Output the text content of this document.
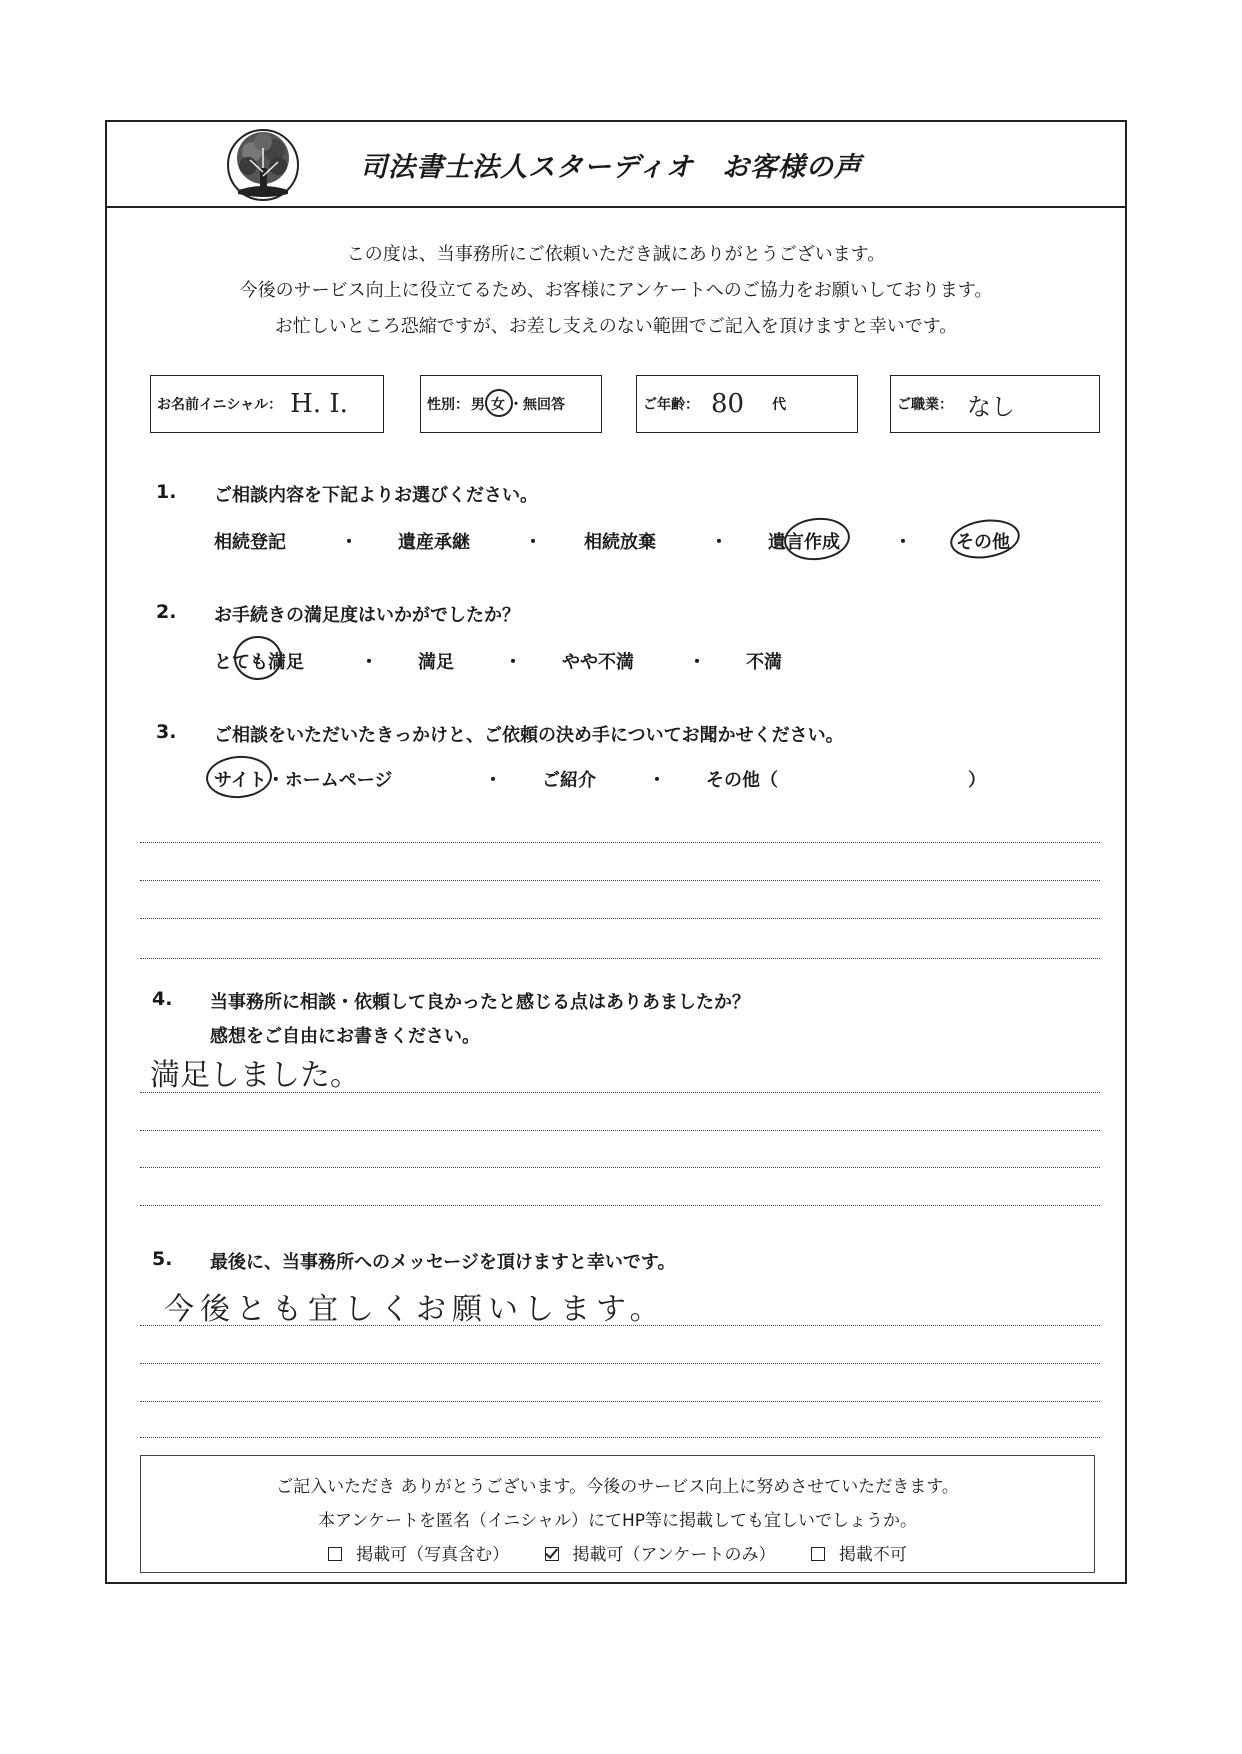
司法書士法人スターディオ　お客様の声
この度は、当事務所にご依頼いただき誠にありがとうございます。
今後のサービス向上に役立てるため、お客様にアンケートへのご協力をお願いしております。
お忙しいところ恐縮ですが、お差し支えのない範囲でご記入を頂けますと幸いです。
お名前イニシャル： H. I.	性別： 男 女 ・無回答	ご年齢： 80 代	ご職業： なし
1. ご相談内容を下記よりお選びください。
相続登記	・ 遺産承継	・ 相続放棄	・ 遺言作成	・ その他
2. お手続きの満足度はいかがでしたか？
とても満足	・ 満足	・ やや不満	・ 不満
3. ご相談をいただいたきっかけと、ご依頼の決め手についてお聞かせください。
サイト・ホームページ	・ ご紹介	・ その他（	）
4. 当事務所に相談・依頼して良かったと感じる点はありあましたか？
感想をご自由にお書きください。
満足しました。
5. 最後に、当事務所へのメッセージを頂けますと幸いです。
今後とも宜しくお願いします。
ご記入いただき ありがとうございます。今後のサービス向上に努めさせていただきます。
本アンケートを匿名（イニシャル）にてHP等に掲載しても宜しいでしょうか。
掲載可（写真含む）	掲載可（アンケートのみ）	掲載不可
